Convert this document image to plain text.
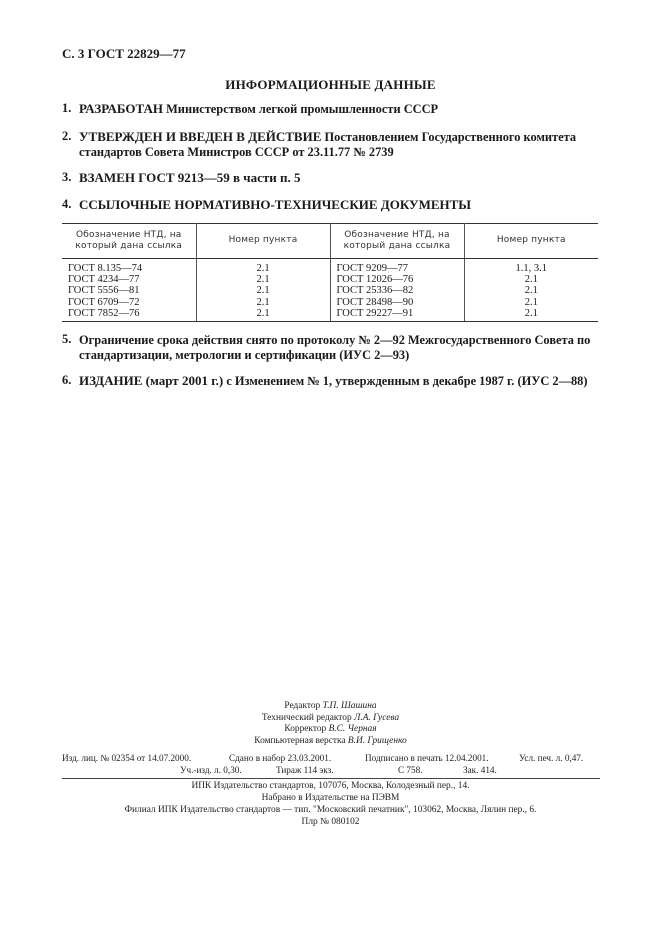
С. 3 ГОСТ 22829—77
ИНФОРМАЦИОННЫЕ ДАННЫЕ
1. РАЗРАБОТАН Министерством легкой промышленности СССР
2. УТВЕРЖДЕН И ВВЕДЕН В ДЕЙСТВИЕ Постановлением Государственного комитета стандартов Совета Министров СССР от 23.11.77 № 2739
3. ВЗАМЕН ГОСТ 9213—59 в части п. 5
4. ССЫЛОЧНЫЕ НОРМАТИВНО-ТЕХНИЧЕСКИЕ ДОКУМЕНТЫ
Обозначение НТД, на который дана ссылка	Номер пункта	Обозначение НТД, на который дана ссылка	Номер пункта
ГОСТ 8.135—74	2.1	ГОСТ 9209—77	1.1, 3.1
ГОСТ 4234—77	2.1	ГОСТ 12026—76	2.1
ГОСТ 5556—81	2.1	ГОСТ 25336—82	2.1
ГОСТ 6709—72	2.1	ГОСТ 28498—90	2.1
ГОСТ 7852—76	2.1	ГОСТ 29227—91	2.1
5. Ограничение срока действия снято по протоколу № 2—92 Межгосударственного Совета по стандартизации, метрологии и сертификации (ИУС 2—93)
6. ИЗДАНИЕ (март 2001 г.) с Изменением № 1, утвержденным в декабре 1987 г. (ИУС 2—88)
Редактор Т.П. Шашина
Технический редактор Л.А. Гусева
Корректор В.С. Черная
Компьютерная верстка В.И. Грищенко
Изд. лиц. № 02354 от 14.07.2000.	Сдано в набор 23.03.2001.	Подписано в печать 12.04.2001.	Усл. печ. л. 0,47.
Уч.-изд. л. 0,30.	Тираж 114 экз.	С 758.	Зак. 414.
ИПК Издательство стандартов, 107076, Москва, Колодезный пер., 14.
Набрано в Издательстве на ПЭВМ
Филиал ИПК Издательство стандартов — тип. "Московский печатник", 103062, Москва, Лялин пер., 6.
Плр № 080102
